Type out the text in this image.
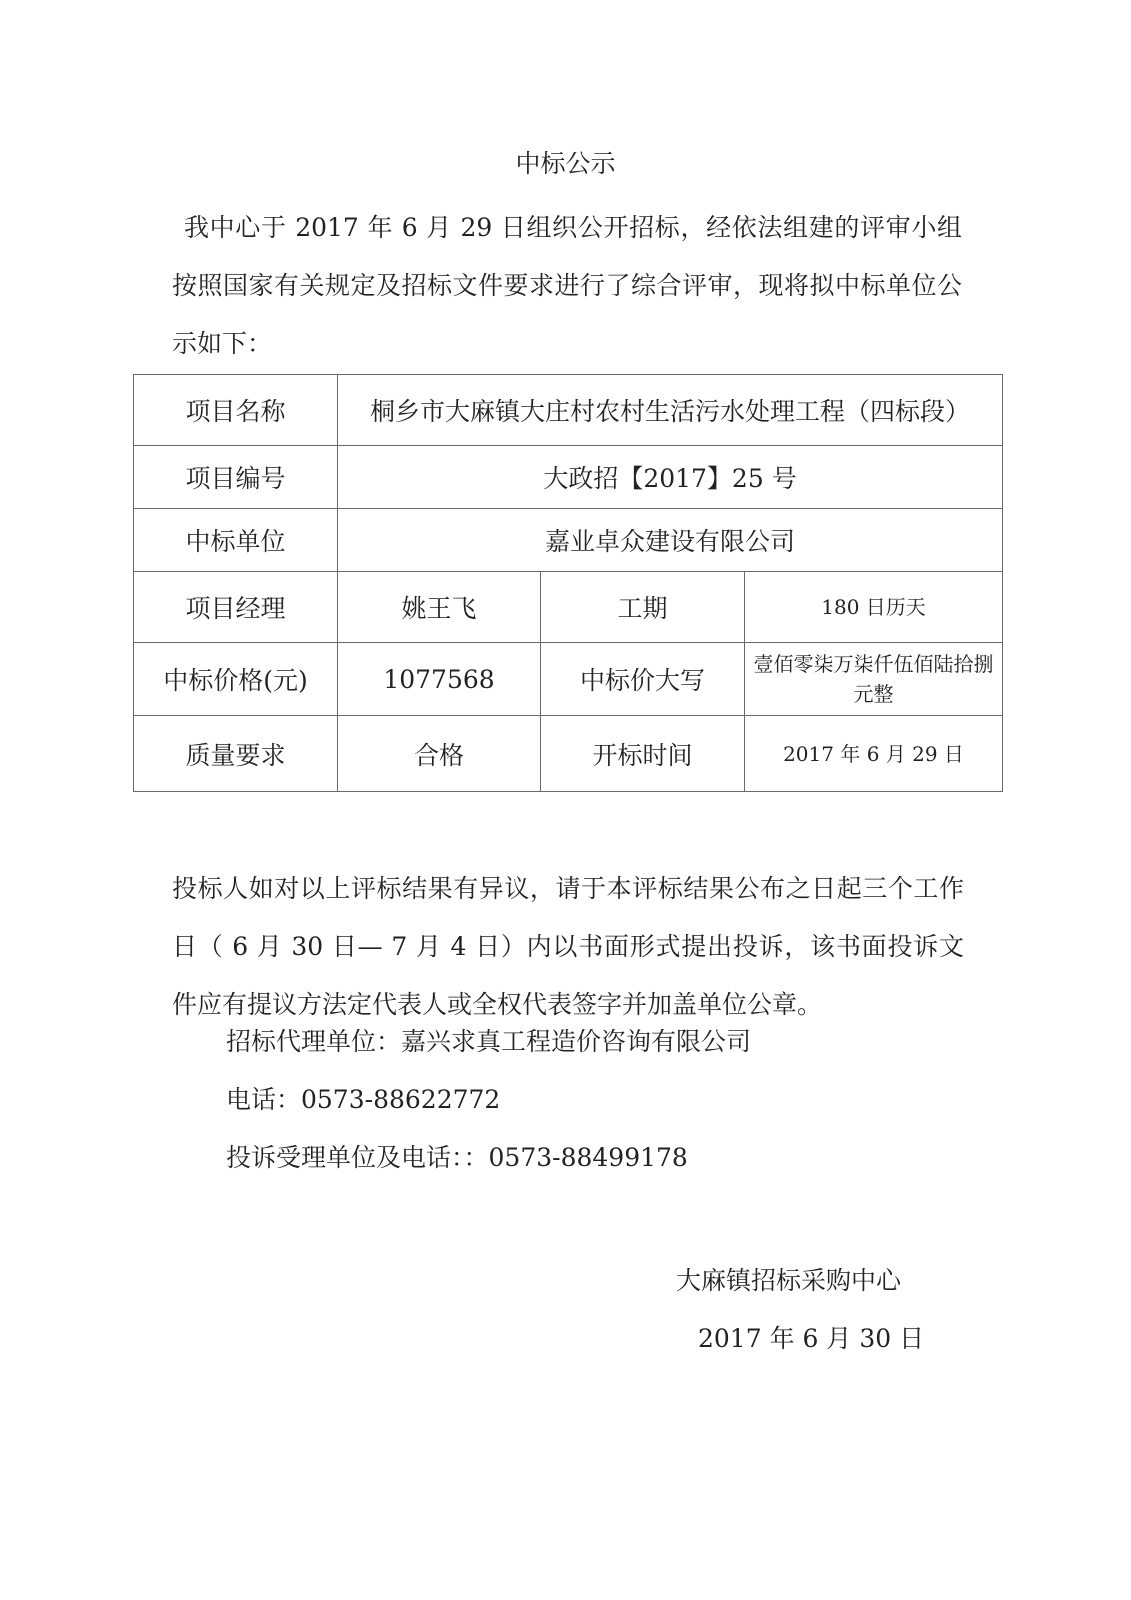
中标公示
我中心于 2017 年 6 月 29 日组织公开招标，经依法组建的评审小组按照国家有关规定及招标文件要求进行了综合评审，现将拟中标单位公示如下：
项目名称	桐乡市大麻镇大庄村农村生活污水处理工程（四标段）		
项目编号	大政招【2017】25 号		
中标单位	嘉业卓众建设有限公司		
项目经理	姚王飞	工期	180 日历天
中标价格(元)	1077568	中标价大写	壹佰零柒万柒仟伍佰陆拾捌元整
质量要求	合格	开标时间	2017 年 6 月 29 日
投标人如对以上评标结果有异议，请于本评标结果公布之日起三个工作日（ 6 月 30 日— 7 月 4 日）内以书面形式提出投诉，该书面投诉文件应有提议方法定代表人或全权代表签字并加盖单位公章。
招标代理单位：嘉兴求真工程造价咨询有限公司
电话：0573-88622772
投诉受理单位及电话：：0573-88499178
大麻镇招标采购中心
2017 年 6 月 30 日
